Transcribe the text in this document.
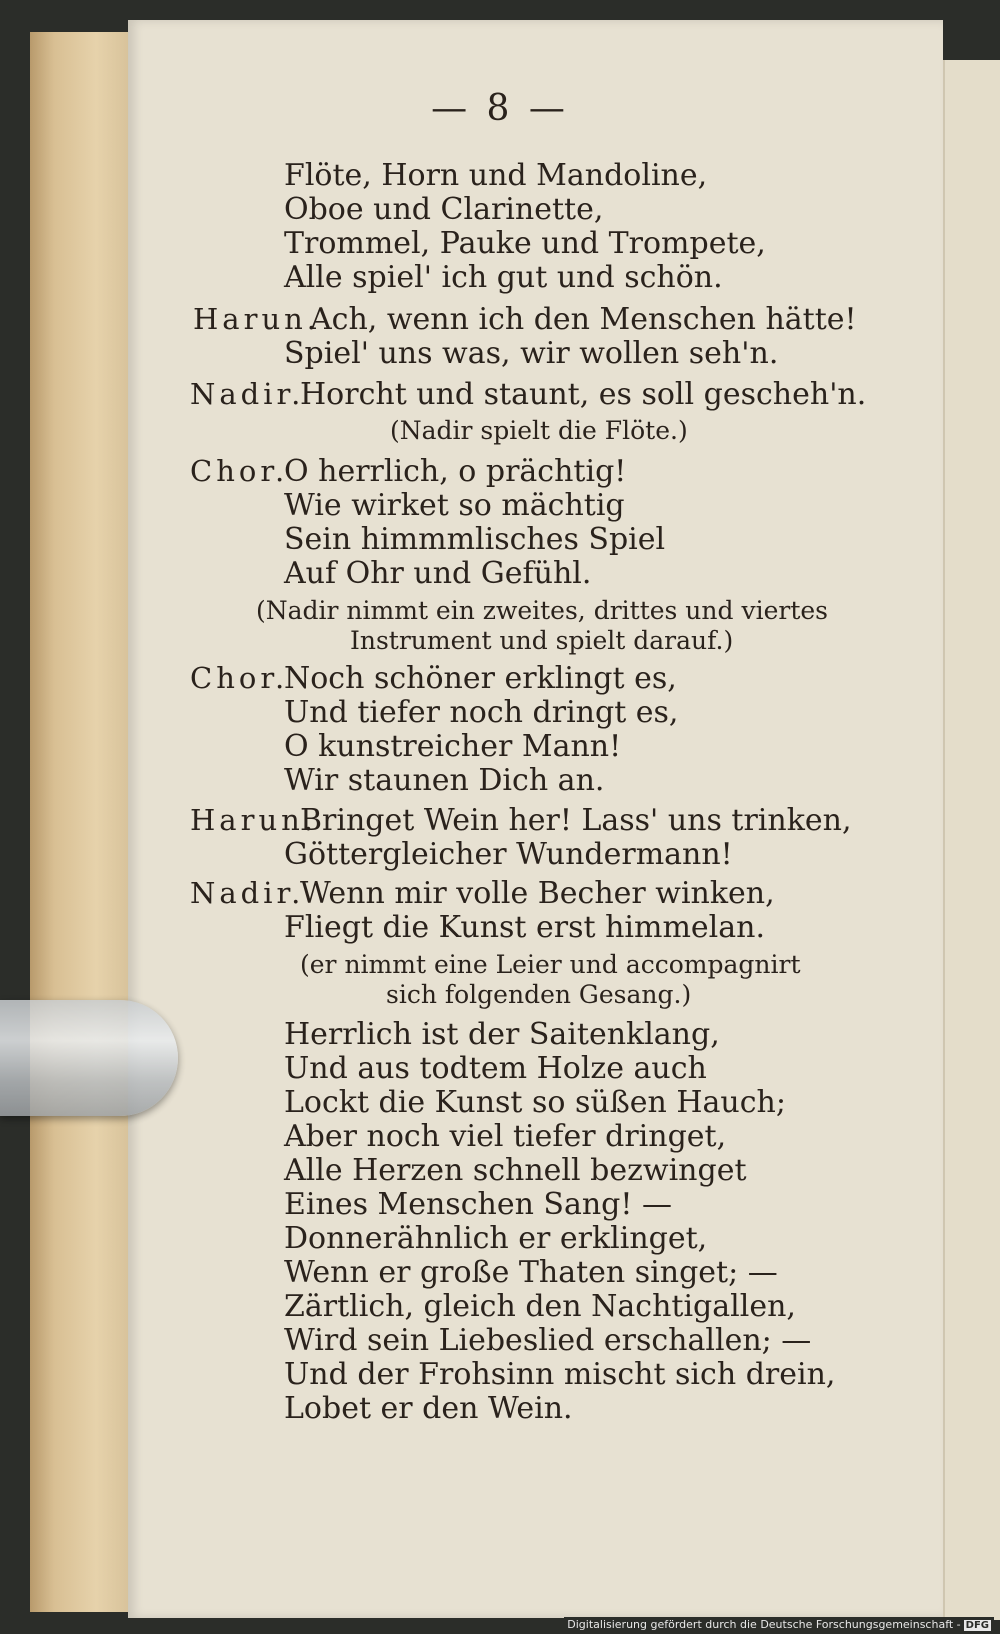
— 8 —
Flöte, Horn und Mandoline,
Oboe und Clarinette,
Trommel, Pauke und Trompete,
Alle spiel' ich gut und schön.
Harun.
Ach, wenn ich den Menschen hätte!
Spiel' uns was, wir wollen seh'n.
Nadir.
Horcht und staunt, es soll gescheh'n.
(Nadir spielt die Flöte.)
Chor.
O herrlich, o prächtig!
Wie wirket so mächtig
Sein himmmlisches Spiel
Auf Ohr und Gefühl.
(Nadir nimmt ein zweites, drittes und viertes
Instrument und spielt darauf.)
Chor.
Noch schöner erklingt es,
Und tiefer noch dringt es,
O kunstreicher Mann!
Wir staunen Dich an.
Harun.
Bringet Wein her! Lass' uns trinken,
Göttergleicher Wundermann!
Nadir.
Wenn mir volle Becher winken,
Fliegt die Kunst erst himmelan.
(er nimmt eine Leier und accompagnirt
sich folgenden Gesang.)
Herrlich ist der Saitenklang,
Und aus todtem Holze auch
Lockt die Kunst so süßen Hauch;
Aber noch viel tiefer dringet,
Alle Herzen schnell bezwinget
Eines Menschen Sang! —
Donnerähnlich er erklinget,
Wenn er große Thaten singet; —
Zärtlich, gleich den Nachtigallen,
Wird sein Liebeslied erschallen; —
Und der Frohsinn mischt sich drein,
Lobet er den Wein.
Digitalisierung gefördert durch die Deutsche Forschungsgemeinschaft - DFG
